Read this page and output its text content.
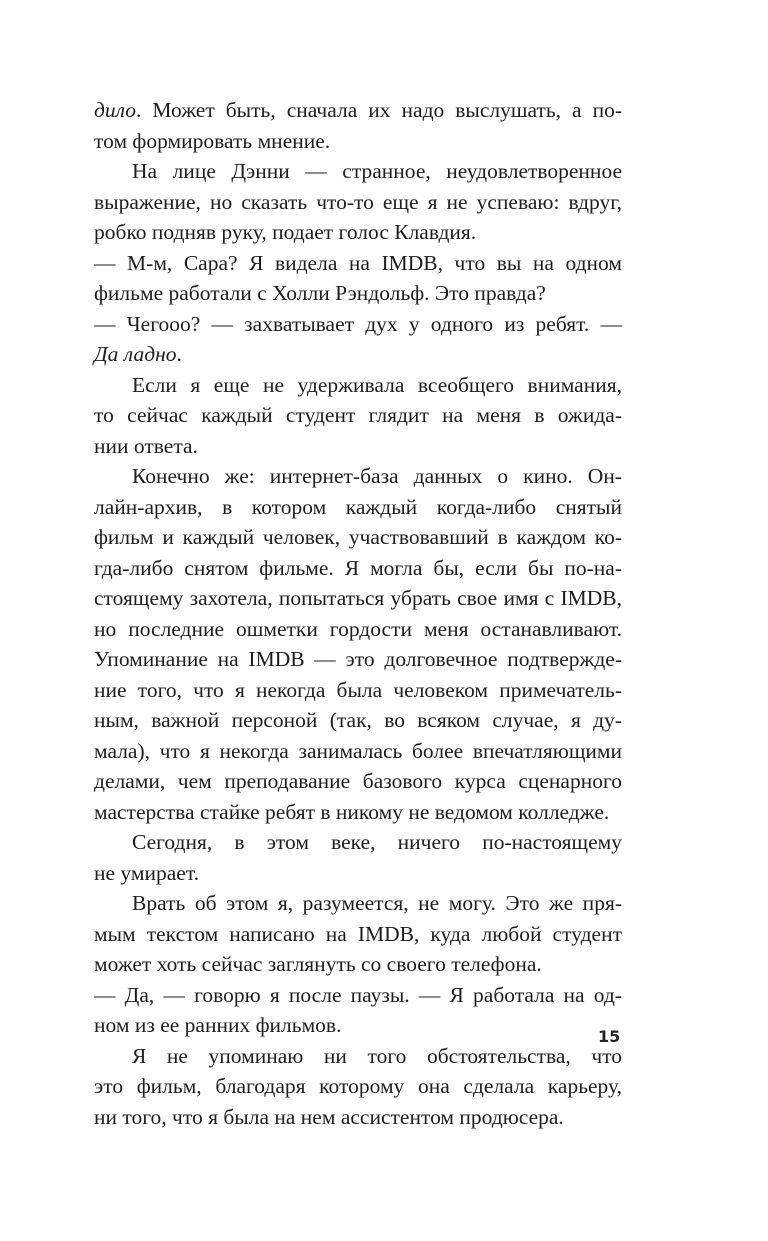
дило. Может быть, сначала их надо выслушать, а по-
том формировать мнение.
На лице Дэнни — странное, неудовлетворенное
выражение, но сказать что-то еще я не успеваю: вдруг,
робко подняв руку, подает голос Клавдия.
— М-м, Сара? Я видела на IMDB, что вы на одном
фильме работали с Холли Рэндольф. Это правда?
— Чегооо? — захватывает дух у одного из ребят. —
Да ладно.
Если я еще не удерживала всеобщего внимания,
то сейчас каждый студент глядит на меня в ожида-
нии ответа.
Конечно же: интернет-база данных о кино. Он-
лайн-архив, в котором каждый когда-либо снятый
фильм и каждый человек, участвовавший в каждом ко-
гда-либо снятом фильме. Я могла бы, если бы по-на-
стоящему захотела, попытаться убрать свое имя с IMDB,
но последние ошметки гордости меня останавливают.
Упоминание на IMDB — это долговечное подтвержде-
ние того, что я некогда была человеком примечатель-
ным, важной персоной (так, во всяком случае, я ду-
мала), что я некогда занималась более впечатляющими
делами, чем преподавание базового курса сценарного
мастерства стайке ребят в никому не ведомом колледже.
Сегодня, в этом веке, ничего по-настоящему
не умирает.
Врать об этом я, разумеется, не могу. Это же пря-
мым текстом написано на IMDB, куда любой студент
может хоть сейчас заглянуть со своего телефона.
— Да, — говорю я после паузы. — Я работала на од-
ном из ее ранних фильмов.
Я не упоминаю ни того обстоятельства, что
это фильм, благодаря которому она сделала карьеру,
ни того, что я была на нем ассистентом продюсера.
15
